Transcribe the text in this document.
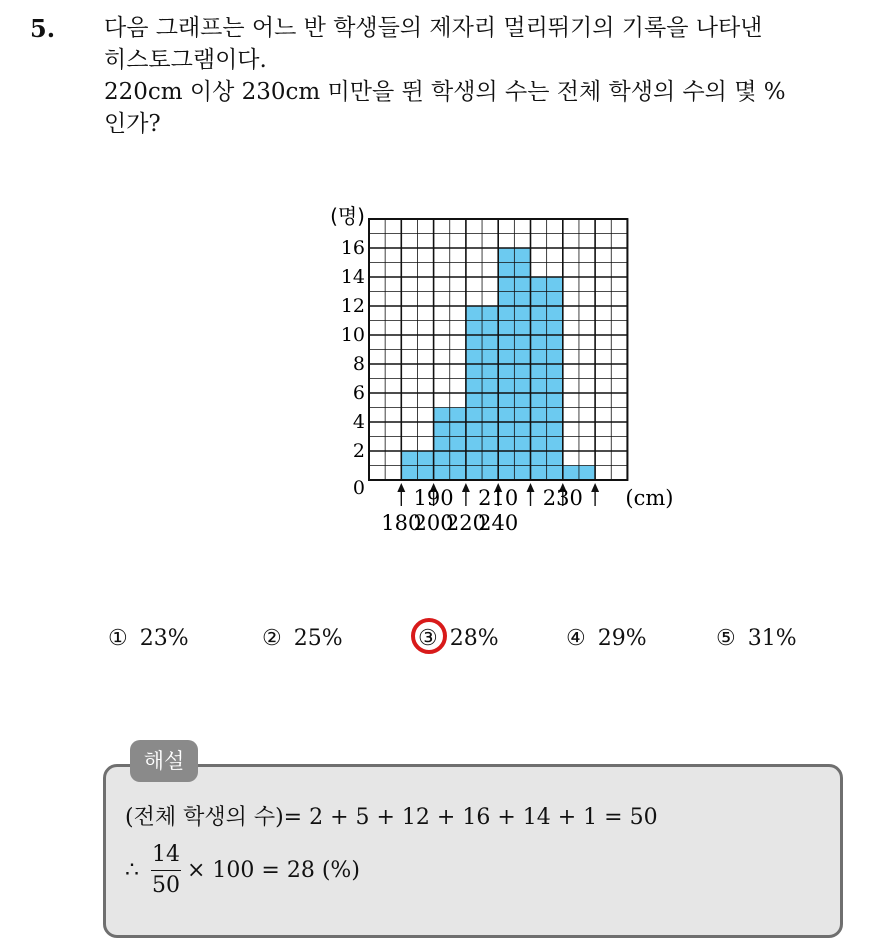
5. 다음 그래프는 어느 반 학생들의 제자리 멀리뛰기의 기록을 나타낸
히스토그램이다.
220cm 이상 230cm 미만을 뛴 학생의 수는 전체 학생의 수의 몇 %
인가?
0
2
4
6
8
10
12
14
16
(명)
180
200
220
240
190 210 230 (cm)
① 23%	② 25%	③ 28%	④ 29%	⑤ 31%
해설
(전체 학생의 수)= 2 + 5 + 12 + 16 + 14 + 1 = 50
∴
14
50
× 100 = 28 (%)
